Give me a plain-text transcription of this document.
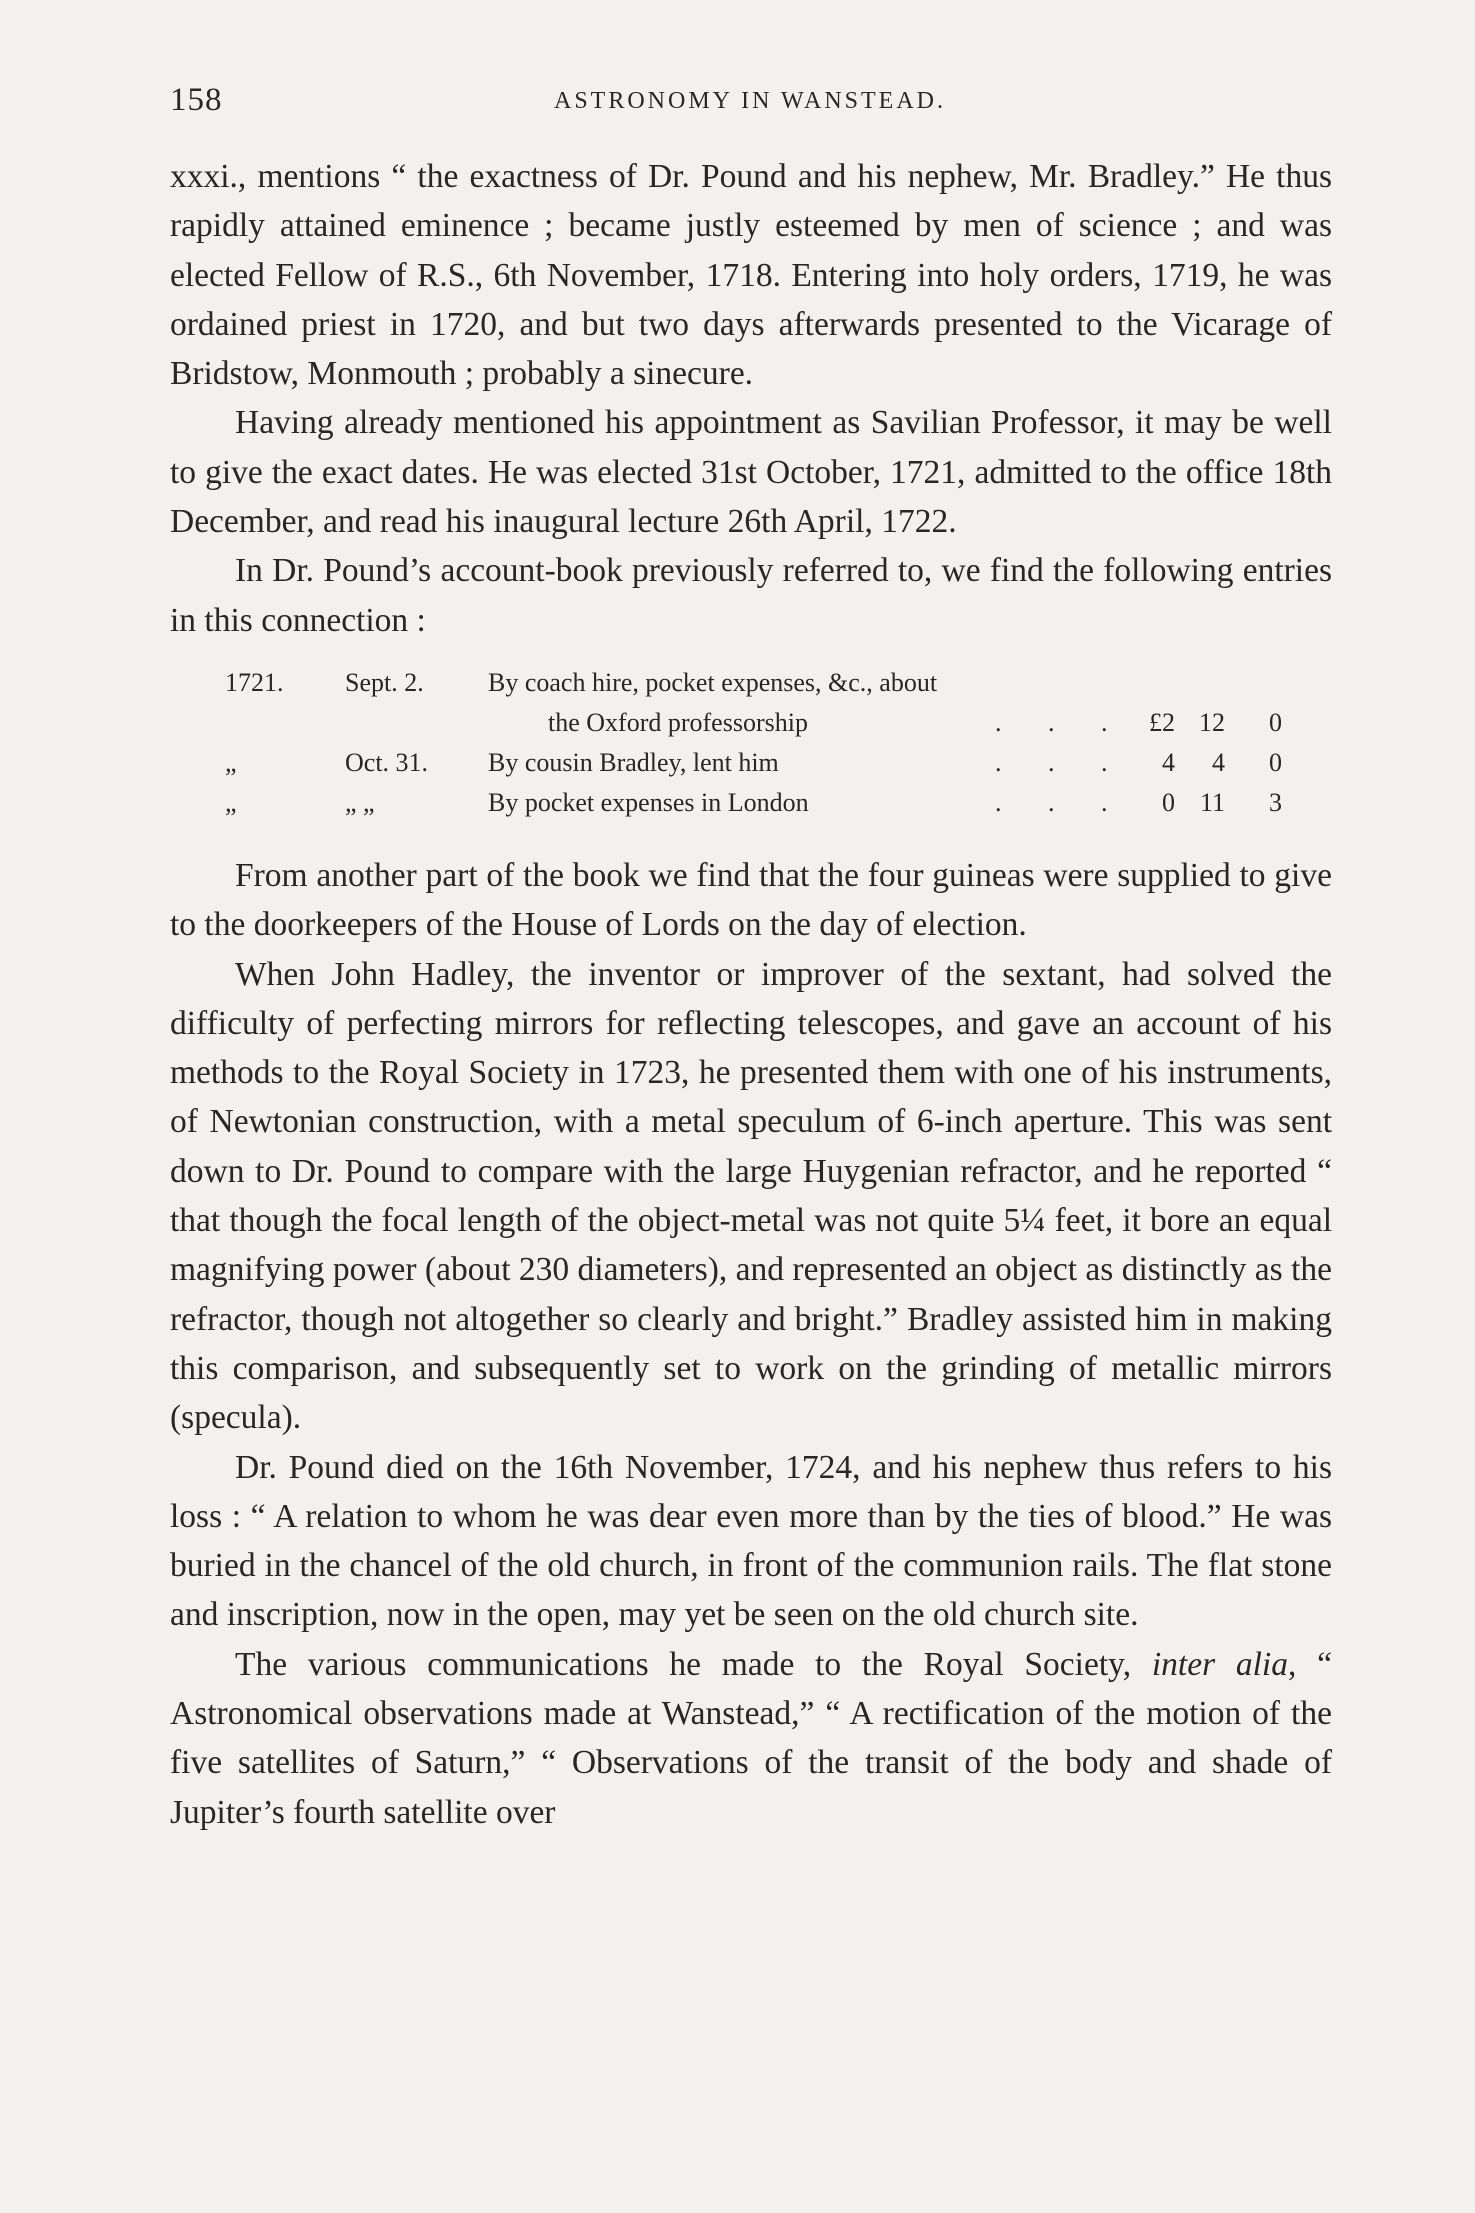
158	ASTRONOMY IN WANSTEAD.

xxxi., mentions “ the exactness of Dr. Pound and his nephew, Mr. Bradley.” He thus rapidly attained eminence ; became justly esteemed by men of science ; and was elected Fellow of R.S., 6th November, 1718. Entering into holy orders, 1719, he was ordained priest in 1720, and but two days afterwards presented to the Vicarage of Bridstow, Monmouth ; probably a sinecure.

Having already mentioned his appointment as Savilian Professor, it may be well to give the exact dates. He was elected 31st October, 1721, admitted to the office 18th December, and read his inaugural lecture 26th April, 1722.

In Dr. Pound’s account-book previously referred to, we find the following entries in this connection :

1721. Sept. 2. By coach hire, pocket expenses, &c., about
the Oxford professorship	. . . £2 12	0
„	Oct. 31. By cousin Bradley, lent him	. . .	4	4	0
„	„ „	By pocket expenses in London	. . .	0 11	3

From another part of the book we find that the four guineas were supplied to give to the doorkeepers of the House of Lords on the day of election.

When John Hadley, the inventor or improver of the sextant, had solved the difficulty of perfecting mirrors for reflecting telescopes, and gave an account of his methods to the Royal Society in 1723, he presented them with one of his instruments, of Newtonian construction, with a metal speculum of 6-inch aperture. This was sent down to Dr. Pound to compare with the large Huygenian refractor, and he reported “ that though the focal length of the object-metal was not quite 5¼ feet, it bore an equal magnifying power (about 230 diameters), and represented an object as distinctly as the refractor, though not altogether so clearly and bright.” Bradley assisted him in making this comparison, and subsequently set to work on the grinding of metallic mirrors (specula).

Dr. Pound died on the 16th November, 1724, and his nephew thus refers to his loss : “ A relation to whom he was dear even more than by the ties of blood.” He was buried in the chancel of the old church, in front of the communion rails. The flat stone and inscription, now in the open, may yet be seen on the old church site.

The various communications he made to the Royal Society, inter alia, “ Astronomical observations made at Wanstead,” “ A rectification of the motion of the five satellites of Saturn,” “ Observations of the transit of the body and shade of Jupiter’s fourth satellite over
